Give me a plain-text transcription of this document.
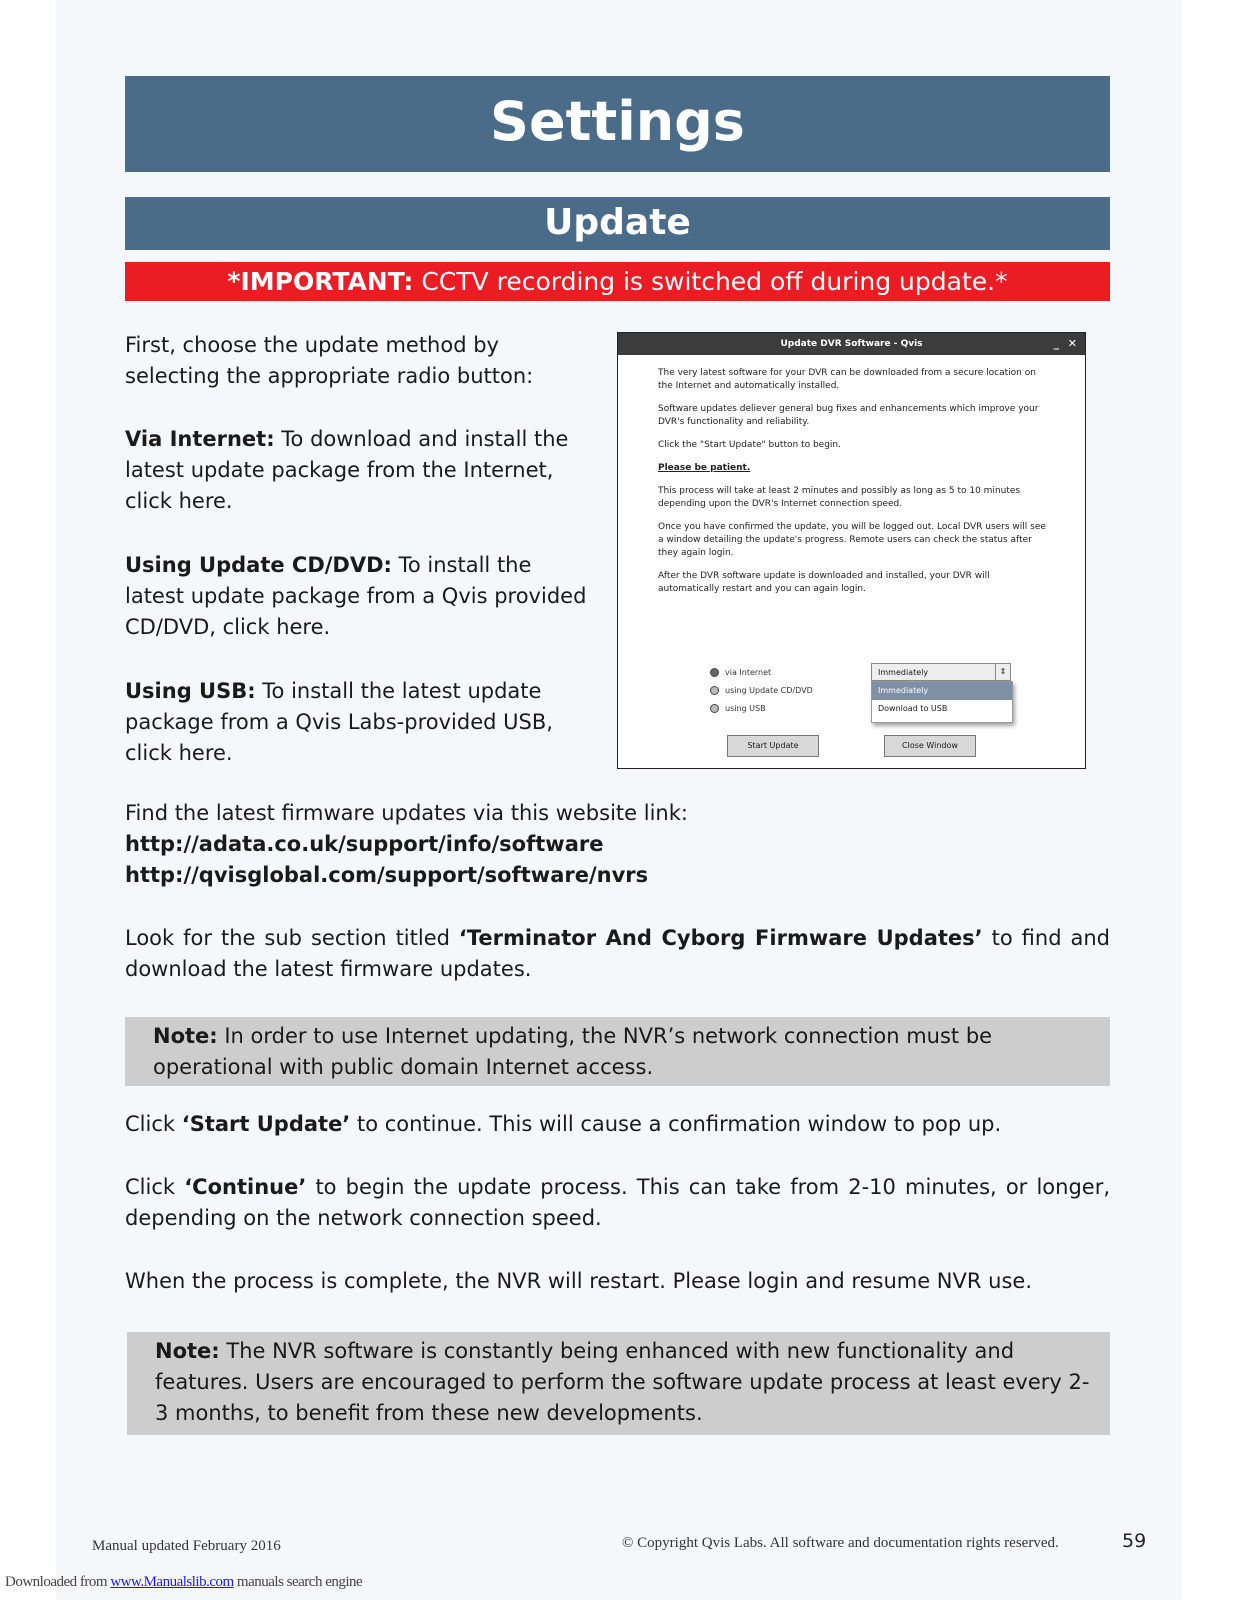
Settings
Update
*IMPORTANT: CCTV recording is switched off during update.*
First, choose the update method by selecting the appropriate radio button:
Via Internet: To download and install the latest update package from the Internet, click here.
Using Update CD/DVD: To install the latest update package from a Qvis provided CD/DVD, click here.
Using USB: To install the latest update package from a Qvis Labs-provided USB, click here.
Update DVR Software - Qvis	_ ✕

The very latest software for your DVR can be downloaded from a secure location on the Internet and automatically installed.

Software updates deliever general bug fixes and enhancements which improve your DVR's functionality and reliability.

Click the "Start Update" button to begin.

Please be patient.

This process will take at least 2 minutes and possibly as long as 5 to 10 minutes depending upon the DVR's Internet connection speed.

Once you have confirmed the update, you will be logged out. Local DVR users will see a window detailing the update's progress. Remote users can check the status after they again login.

After the DVR software update is downloaded and installed, your DVR will automatically restart and you can again login.

via Internet
using Update CD/DVD
using USB
Immediately	⇕
Immediately
Download to USB
Start Update	Close Window
Find the latest firmware updates via this website link:
http://adata.co.uk/support/info/software
http://qvisglobal.com/support/software/nvrs
Look for the sub section titled ‘Terminator And Cyborg Firmware Updates’ to find and download the latest firmware updates.
Note: In order to use Internet updating, the NVR’s network connection must be operational with public domain Internet access.
Click ‘Start Update’ to continue. This will cause a confirmation window to pop up.
Click ‘Continue’ to begin the update process. This can take from 2-10 minutes, or longer, depending on the network connection speed.
When the process is complete, the NVR will restart. Please login and resume NVR use.
Note: The NVR software is constantly being enhanced with new functionality and features. Users are encouraged to perform the software update process at least every 2-3 months, to benefit from these new developments.
Manual updated February 2016	© Copyright Qvis Labs. All software and documentation rights reserved.	59
Downloaded from www.Manualslib.com manuals search engine
